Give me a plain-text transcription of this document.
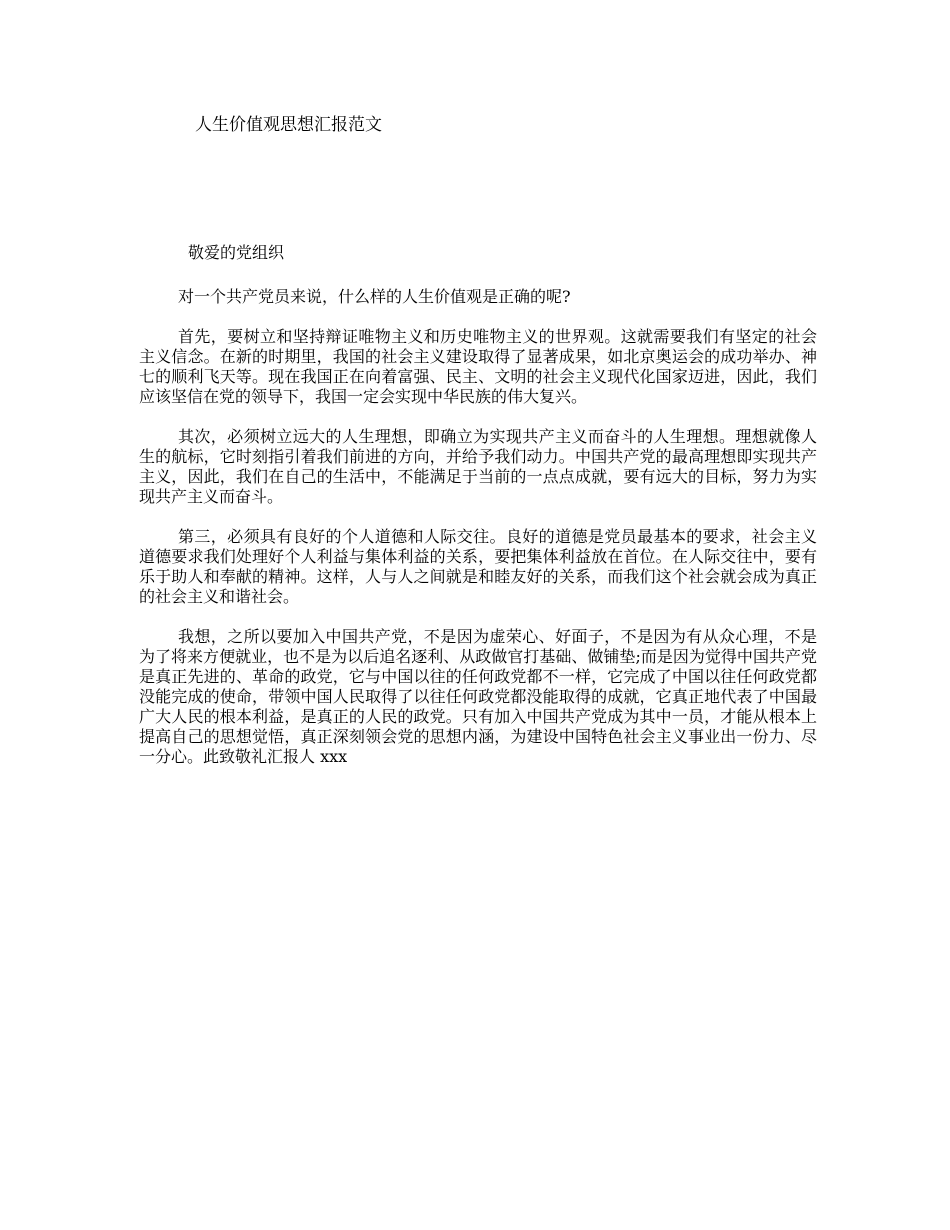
人生价值观思想汇报范文
敬爱的党组织

对一个共产党员来说，什么样的人生价值观是正确的呢?

首先，要树立和坚持辩证唯物主义和历史唯物主义的世界观。这就需要我们有坚定的社会主义信念。在新的时期里，我国的社会主义建设取得了显著成果，如北京奥运会的成功举办、神七的顺利飞天等。现在我国正在向着富强、民主、文明的社会主义现代化国家迈进，因此，我们应该坚信在党的领导下，我国一定会实现中华民族的伟大复兴。

其次，必须树立远大的人生理想，即确立为实现共产主义而奋斗的人生理想。理想就像人生的航标，它时刻指引着我们前进的方向，并给予我们动力。中国共产党的最高理想即实现共产主义，因此，我们在自己的生活中，不能满足于当前的一点点成就，要有远大的目标，努力为实现共产主义而奋斗。

第三，必须具有良好的个人道德和人际交往。良好的道德是党员最基本的要求，社会主义道德要求我们处理好个人利益与集体利益的关系，要把集体利益放在首位。在人际交往中，要有乐于助人和奉献的精神。这样，人与人之间就是和睦友好的关系，而我们这个社会就会成为真正的社会主义和谐社会。

我想，之所以要加入中国共产党，不是因为虚荣心、好面子，不是因为有从众心理，不是为了将来方便就业，也不是为以后追名逐利、从政做官打基础、做铺垫;而是因为觉得中国共产党是真正先进的、革命的政党，它与中国以往的任何政党都不一样，它完成了中国以往任何政党都没能完成的使命，带领中国人民取得了以往任何政党都没能取得的成就，它真正地代表了中国最广大人民的根本利益，是真正的人民的政党。只有加入中国共产党成为其中一员，才能从根本上提高自己的思想觉悟，真正深刻领会党的思想内涵，为建设中国特色社会主义事业出一份力、尽一分心。此致敬礼汇报人 xxx
